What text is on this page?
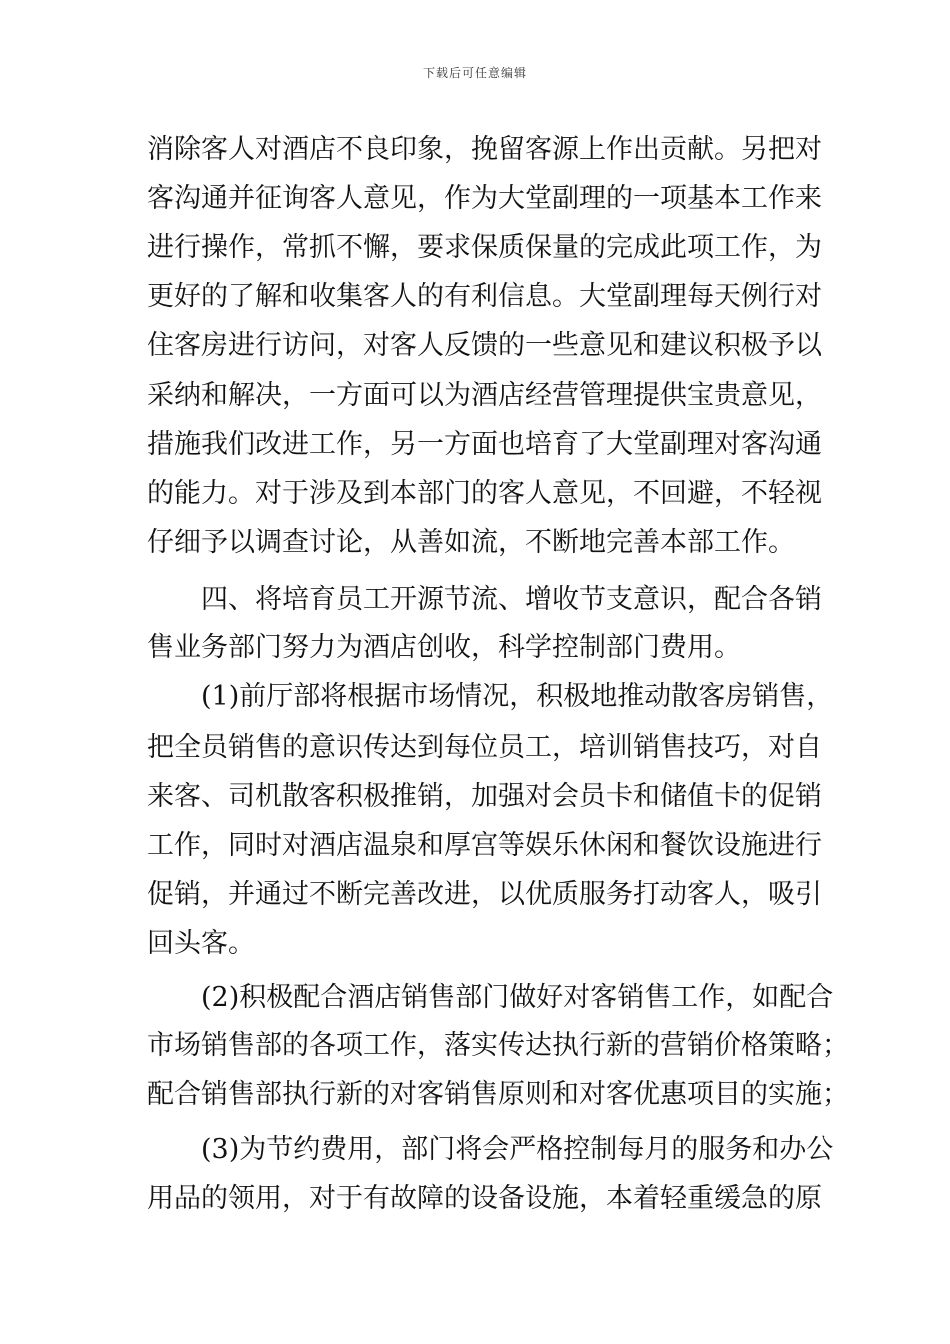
下载后可任意编辑
消除客人对酒店不良印象，挽留客源上作出贡献。另把对
客沟通并征询客人意见，作为大堂副理的一项基本工作来
进行操作，常抓不懈，要求保质保量的完成此项工作，为
更好的了解和收集客人的有利信息。大堂副理每天例行对
住客房进行访问，对客人反馈的一些意见和建议积极予以
采纳和解决，一方面可以为酒店经营管理提供宝贵意见，
措施我们改进工作，另一方面也培育了大堂副理对客沟通
的能力。对于涉及到本部门的客人意见，不回避，不轻视
仔细予以调查讨论，从善如流，不断地完善本部工作。
四、将培育员工开源节流、增收节支意识，配合各销
售业务部门努力为酒店创收，科学控制部门费用。
(1)前厅部将根据市场情况，积极地推动散客房销售，
把全员销售的意识传达到每位员工，培训销售技巧，对自
来客、司机散客积极推销，加强对会员卡和储值卡的促销
工作，同时对酒店温泉和厚宫等娱乐休闲和餐饮设施进行
促销，并通过不断完善改进，以优质服务打动客人，吸引
回头客。
(2)积极配合酒店销售部门做好对客销售工作，如配合
市场销售部的各项工作，落实传达执行新的营销价格策略；
配合销售部执行新的对客销售原则和对客优惠项目的实施；
(3)为节约费用，部门将会严格控制每月的服务和办公
用品的领用，对于有故障的设备设施，本着轻重缓急的原
